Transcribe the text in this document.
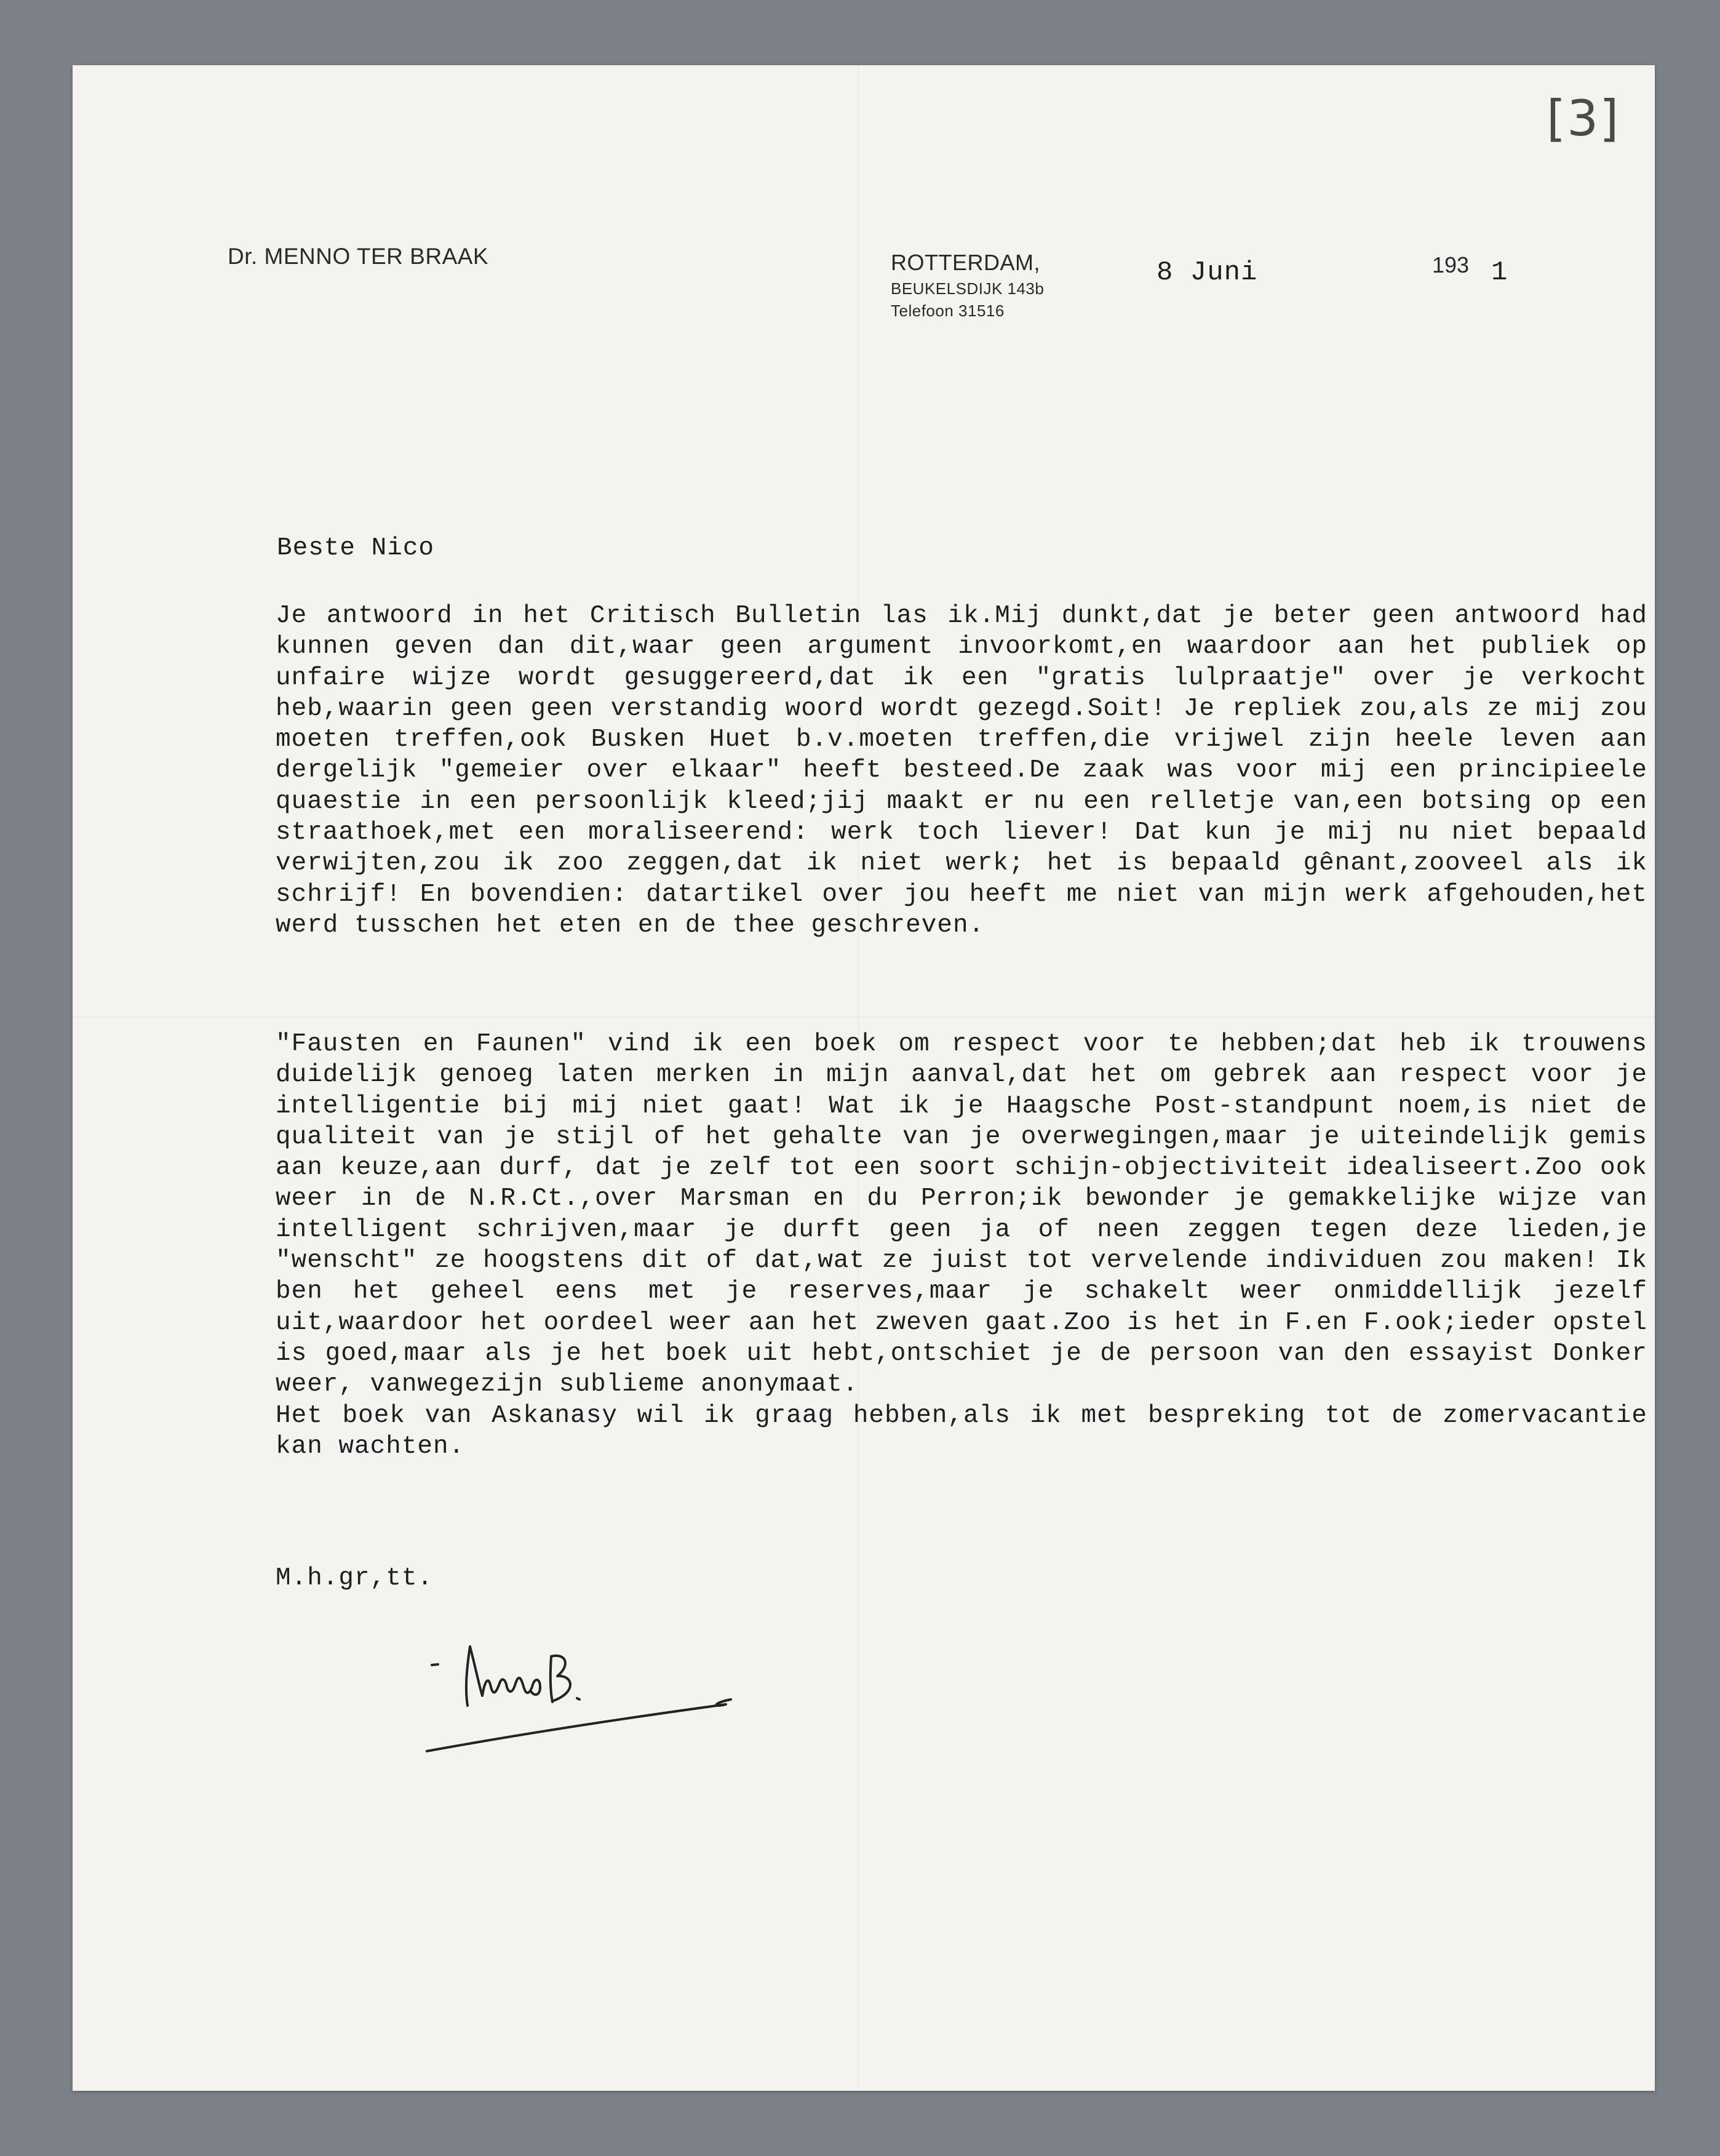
[3]
Dr. MENNO TER BRAAK	ROTTERDAM,
BEUKELSDIJK 143b
Telefoon 31516
193
8 Juni	1
Beste Nico

Je antwoord in het Critisch Bulletin las ik.Mij dunkt,dat je beter geen antwoord had kunnen geven dan dit,waar geen argument invoorkomt,en waardoor aan het publiek op unfaire wijze wordt gesuggereerd,dat ik een "gratis lulpraatje" over je verkocht heb,waarin geen geen verstandig woord wordt gezegd.Soit! Je repliek zou,als ze mij zou moeten treffen,ook Busken Huet b.v.moeten treffen,die vrijwel zijn heele leven aan dergelijk "gemeier over elkaar" heeft besteed.De zaak was voor mij een principieele quaestie in een persoonlijk kleed;jij maakt er nu een relletje van,een botsing op een straathoek,met een moraliseerend: werk toch liever! Dat kun je mij nu niet bepaald verwijten,zou ik zoo zeggen,dat ik niet werk; het is bepaald gênant,zooveel als ik schrijf! En bovendien: datartikel over jou heeft me niet van mijn werk afgehouden,het werd tusschen het eten en de thee geschreven.

"Fausten en Faunen" vind ik een boek om respect voor te hebben;dat heb ik trouwens duidelijk genoeg laten merken in mijn aanval,dat het om gebrek aan respect voor je intelligentie bij mij niet gaat! Wat ik je Haagsche Post-standpunt noem,is niet de qualiteit van je stijl of het gehalte van je overwegingen,maar je uiteindelijk gemis aan keuze,aan durf, dat je zelf tot een soort schijn-objectiviteit idealiseert.Zoo ook weer in de N.R.Ct.,over Marsman en du Perron;ik bewonder je gemakkelijke wijze van intelligent schrijven,maar je durft geen ja of neen zeggen tegen deze lieden,je "wenscht" ze hoogstens dit of dat,wat ze juist tot vervelende individuen zou maken! Ik ben het geheel eens met je reserves,maar je schakelt weer onmiddellijk jezelf uit,waardoor het oordeel weer aan het zweven gaat.Zoo is het in F.en F.ook;ieder opstel is goed,maar als je het boek uit hebt,ontschiet je de persoon van den essayist Donker weer, vanwegezijn sublieme anonymaat.
Het boek van Askanasy wil ik graag hebben,als ik met bespreking tot de zomervacantie kan wachten.

M.h.gr,tt.
